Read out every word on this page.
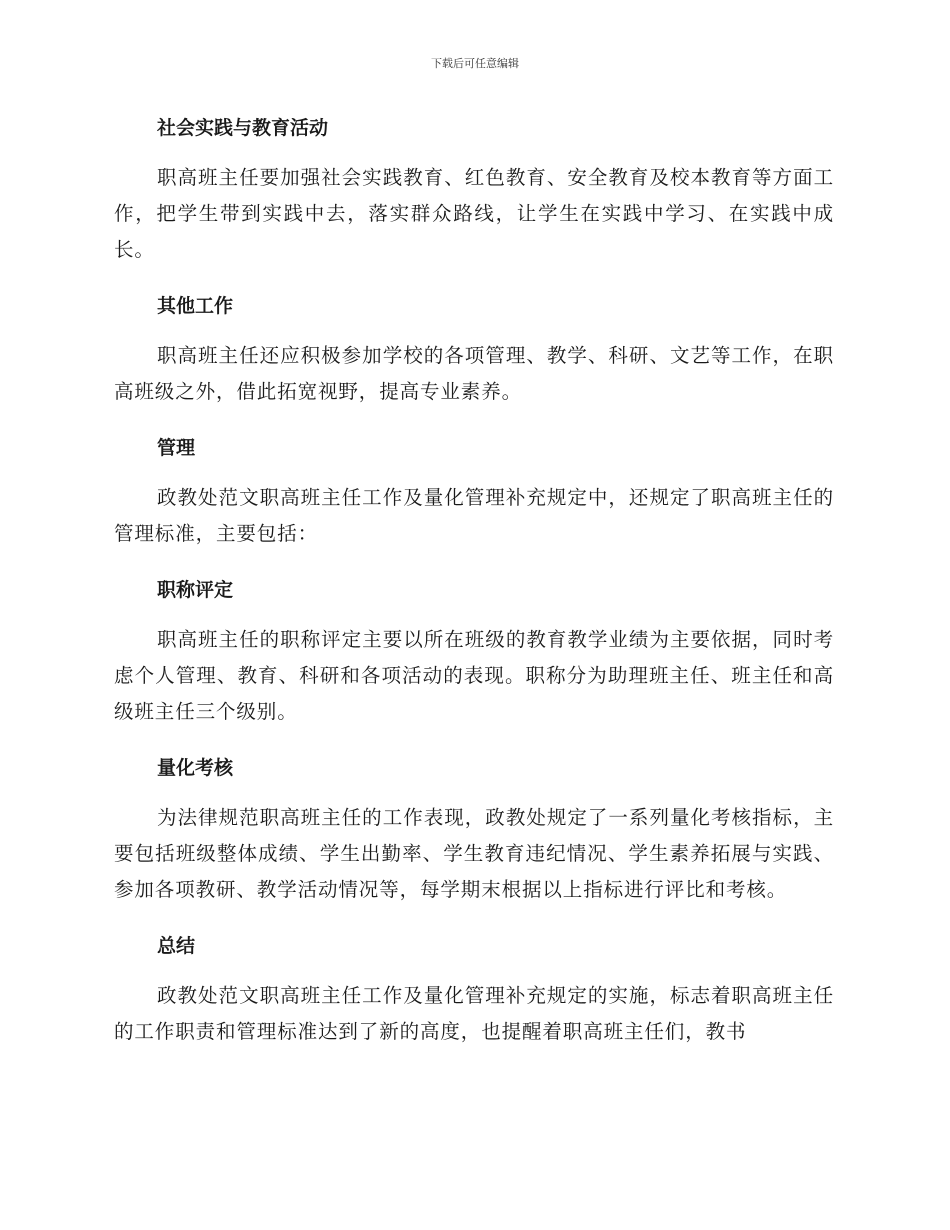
下载后可任意编辑
社会实践与教育活动

职高班主任要加强社会实践教育、红色教育、安全教育及校本教育等方面工作，把学生带到实践中去，落实群众路线，让学生在实践中学习、在实践中成长。

其他工作

职高班主任还应积极参加学校的各项管理、教学、科研、文艺等工作，在职高班级之外，借此拓宽视野，提高专业素养。

管理

政教处范文职高班主任工作及量化管理补充规定中，还规定了职高班主任的管理标准，主要包括：

职称评定

职高班主任的职称评定主要以所在班级的教育教学业绩为主要依据，同时考虑个人管理、教育、科研和各项活动的表现。职称分为助理班主任、班主任和高级班主任三个级别。

量化考核

为法律规范职高班主任的工作表现，政教处规定了一系列量化考核指标，主要包括班级整体成绩、学生出勤率、学生教育违纪情况、学生素养拓展与实践、参加各项教研、教学活动情况等，每学期末根据以上指标进行评比和考核。

总结

政教处范文职高班主任工作及量化管理补充规定的实施，标志着职高班主任的工作职责和管理标准达到了新的高度，也提醒着职高班主任们，教书
